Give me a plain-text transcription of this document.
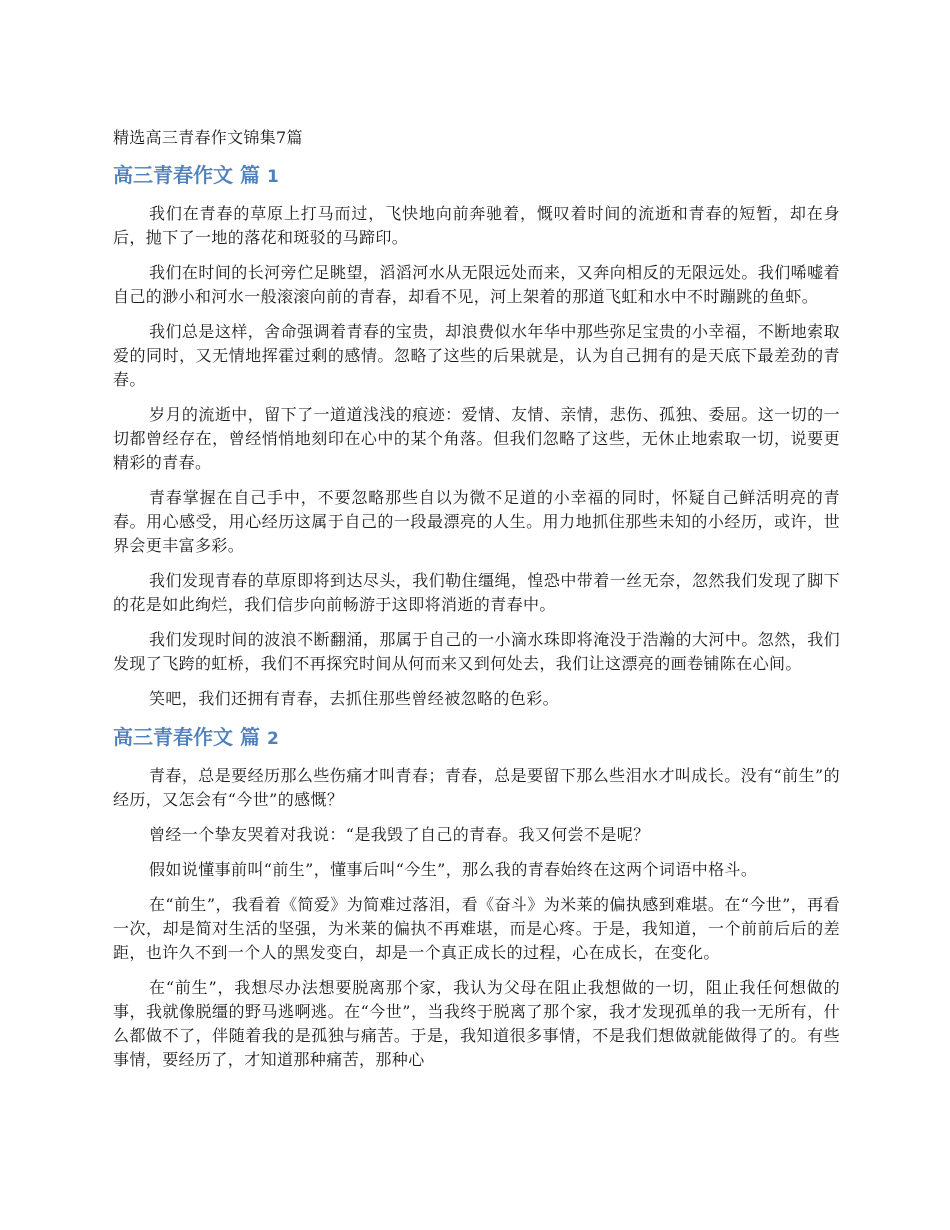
精选高三青春作文锦集7篇
高三青春作文 篇 1

我们在青春的草原上打马而过，飞快地向前奔驰着，慨叹着时间的流逝和青春的短暂，却在身后，抛下了一地的落花和斑驳的马蹄印。

我们在时间的长河旁伫足眺望，滔滔河水从无限远处而来，又奔向相反的无限远处。我们唏嘘着自己的渺小和河水一般滚滚向前的青春，却看不见，河上架着的那道飞虹和水中不时蹦跳的鱼虾。

我们总是这样，舍命强调着青春的宝贵，却浪费似水年华中那些弥足宝贵的小幸福，不断地索取爱的同时，又无情地挥霍过剩的感情。忽略了这些的后果就是，认为自己拥有的是天底下最差劲的青春。

岁月的流逝中，留下了一道道浅浅的痕迹：爱情、友情、亲情，悲伤、孤独、委屈。这一切的一切都曾经存在，曾经悄悄地刻印在心中的某个角落。但我们忽略了这些，无休止地索取一切，说要更精彩的青春。

青春掌握在自己手中，不要忽略那些自以为微不足道的小幸福的同时，怀疑自己鲜活明亮的青春。用心感受，用心经历这属于自己的一段最漂亮的人生。用力地抓住那些未知的小经历，或许，世界会更丰富多彩。

我们发现青春的草原即将到达尽头，我们勒住缰绳，惶恐中带着一丝无奈，忽然我们发现了脚下的花是如此绚烂，我们信步向前畅游于这即将消逝的青春中。

我们发现时间的波浪不断翻涌，那属于自己的一小滴水珠即将淹没于浩瀚的大河中。忽然，我们发现了飞跨的虹桥，我们不再探究时间从何而来又到何处去，我们让这漂亮的画卷铺陈在心间。

笑吧，我们还拥有青春，去抓住那些曾经被忽略的色彩。

高三青春作文 篇 2

青春，总是要经历那么些伤痛才叫青春；青春，总是要留下那么些泪水才叫成长。没有“前生”的经历，又怎会有“今世”的感慨？

曾经一个挚友哭着对我说：“是我毁了自己的青春。我又何尝不是呢？

假如说懂事前叫“前生”，懂事后叫“今生”，那么我的青春始终在这两个词语中格斗。

在“前生”，我看着《简爱》为简难过落泪，看《奋斗》为米莱的偏执感到难堪。在“今世”，再看一次，却是简对生活的坚强，为米莱的偏执不再难堪，而是心疼。于是，我知道，一个前前后后的差距，也许久不到一个人的黑发变白，却是一个真正成长的过程，心在成长，在变化。

在“前生”，我想尽办法想要脱离那个家，我认为父母在阻止我想做的一切，阻止我任何想做的事，我就像脱缰的野马逃啊逃。在“今世”，当我终于脱离了那个家，我才发现孤单的我一无所有，什么都做不了，伴随着我的是孤独与痛苦。于是，我知道很多事情，不是我们想做就能做得了的。有些事情，要经历了，才知道那种痛苦，那种心
